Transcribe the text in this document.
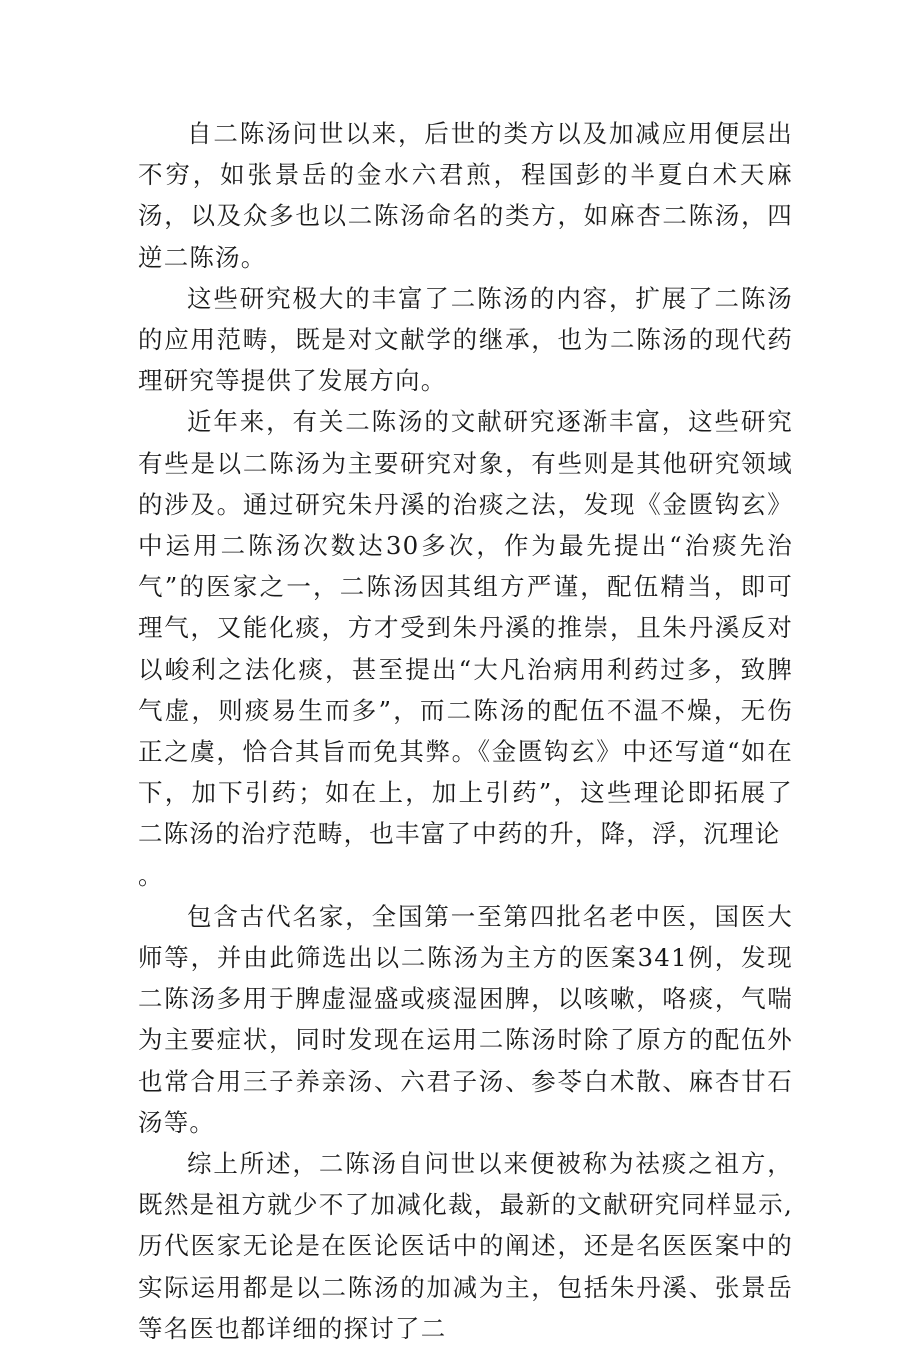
自二陈汤问世以来，后世的类方以及加减应用便层出不穷，如张景岳的金水六君煎，程国彭的半夏白术天麻汤，以及众多也以二陈汤命名的类方，如麻杏二陈汤，四逆二陈汤。

这些研究极大的丰富了二陈汤的内容，扩展了二陈汤的应用范畴，既是对文献学的继承，也为二陈汤的现代药理研究等提供了发展方向。

近年来，有关二陈汤的文献研究逐渐丰富，这些研究有些是以二陈汤为主要研究对象，有些则是其他研究领域的涉及。通过研究朱丹溪的治痰之法，发现《金匮钩玄》中运用二陈汤次数达30多次，作为最先提出“治痰先治气”的医家之一，二陈汤因其组方严谨，配伍精当，即可理气，又能化痰，方才受到朱丹溪的推崇，且朱丹溪反对以峻利之法化痰，甚至提出“大凡治病用利药过多，致脾气虚，则痰易生而多”，而二陈汤的配伍不温不燥，无伤正之虞，恰合其旨而免其弊。《金匮钩玄》中还写道“如在下，加下引药；如在上，加上引药”，这些理论即拓展了二陈汤的治疗范畴，也丰富了中药的升，降，浮，沉理论

。

包含古代名家，全国第一至第四批名老中医，国医大师等，并由此筛选出以二陈汤为主方的医案341例，发现二陈汤多用于脾虚湿盛或痰湿困脾，以咳嗽，咯痰，气喘为主要症状，同时发现在运用二陈汤时除了原方的配伍外也常合用三子养亲汤、六君子汤、参苓白术散、麻杏甘石汤等。

综上所述，二陈汤自问世以来便被称为祛痰之祖方，既然是祖方就少不了加减化裁，最新的文献研究同样显示,历代医家无论是在医论医话中的阐述，还是名医医案中的实际运用都是以二陈汤的加减为主，包括朱丹溪、张景岳等名医也都详细的探讨了二
